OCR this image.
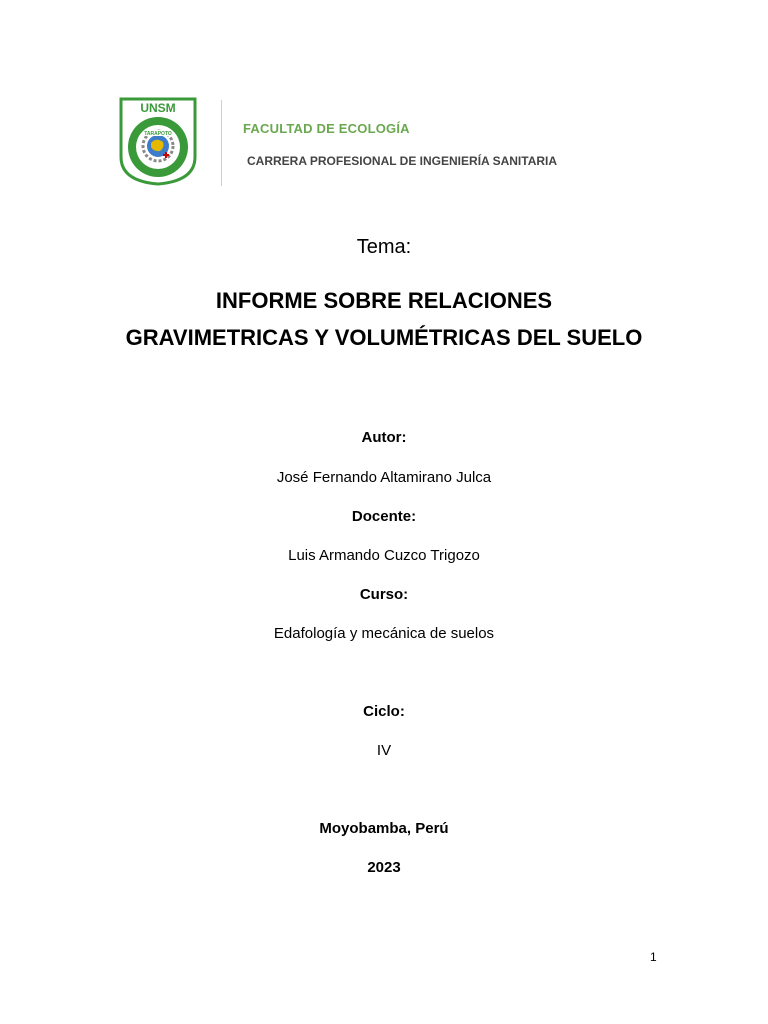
UNSM
TARAPOTO	FACULTAD DE ECOLOGÍA
CARRERA PROFESIONAL DE INGENIERÍA SANITARIA
Tema:
INFORME SOBRE RELACIONES GRAVIMETRICAS Y VOLUMÉTRICAS DEL SUELO
Autor:
José Fernando Altamirano Julca
Docente:
Luis Armando Cuzco Trigozo
Curso:
Edafología y mecánica de suelos
Ciclo:
IV
Moyobamba, Perú
2023
1
